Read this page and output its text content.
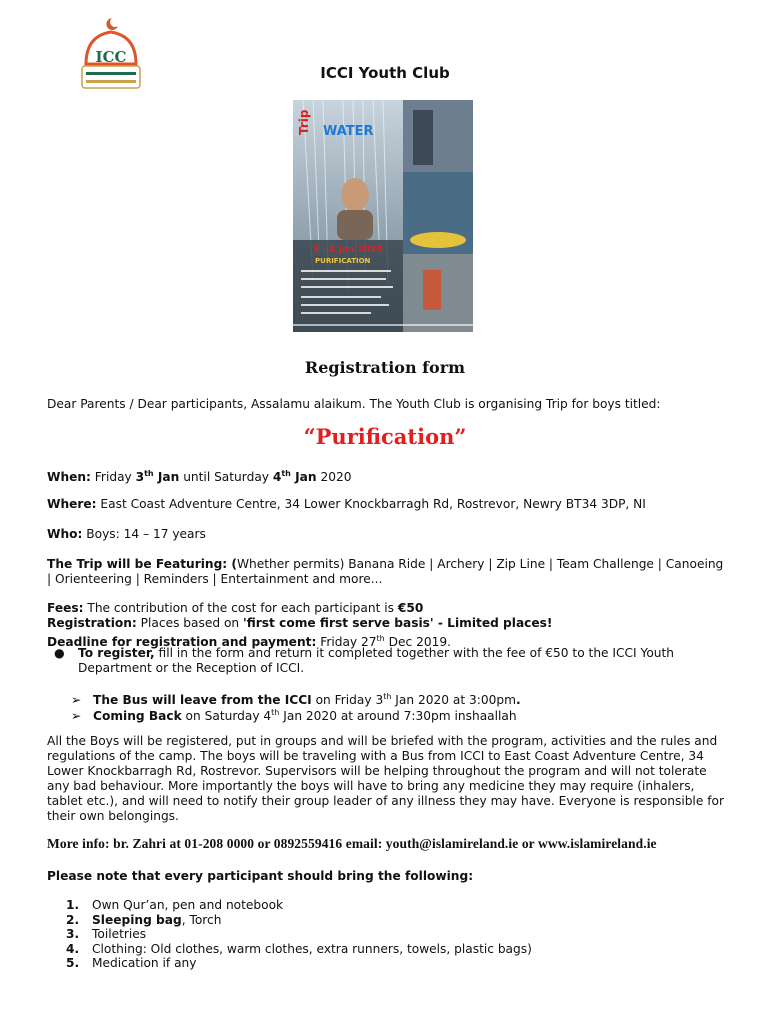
ICC
ICCI Youth Club
Trip WATER
3 - 4 Jan 2020
PURIFICATION
Registration form
Dear Parents / Dear participants, Assalamu alaikum. The Youth Club is organising Trip for boys titled:
“Purification”
When: Friday 3th Jan until Saturday 4th Jan 2020
Where: East Coast Adventure Centre, 34 Lower Knockbarragh Rd, Rostrevor, Newry BT34 3DP, NI
Who: Boys: 14 – 17 years
The Trip will be Featuring: (Whether permits) Banana Ride | Archery | Zip Line | Team Challenge | Canoeing | Orienteering | Reminders | Entertainment and more...
Fees: The contribution of the cost for each participant is €50
Registration: Places based on 'first come first serve basis' - Limited places!
Deadline for registration and payment: Friday 27th Dec 2019.
● To register, fill in the form and return it completed together with the fee of €50 to the ICCI Youth Department or the Reception of ICCI.
➢ The Bus will leave from the ICCI on Friday 3th Jan 2020 at 3:00pm.
➢ Coming Back on Saturday 4th Jan 2020 at around 7:30pm inshaallah
All the Boys will be registered, put in groups and will be briefed with the program, activities and the rules and regulations of the camp. The boys will be traveling with a Bus from ICCI to East Coast Adventure Centre, 34 Lower Knockbarragh Rd, Rostrevor. Supervisors will be helping throughout the program and will not tolerate any bad behaviour. More importantly the boys will have to bring any medicine they may require (inhalers, tablet etc.), and will need to notify their group leader of any illness they may have. Everyone is responsible for their own belongings.
More info: br. Zahri at 01-208 0000 or 0892559416 email: youth@islamireland.ie or www.islamireland.ie
Please note that every participant should bring the following:
1. Own Qur’an, pen and notebook
2. Sleeping bag, Torch
3. Toiletries
4. Clothing: Old clothes, warm clothes, extra runners, towels, plastic bags)
5. Medication if any
